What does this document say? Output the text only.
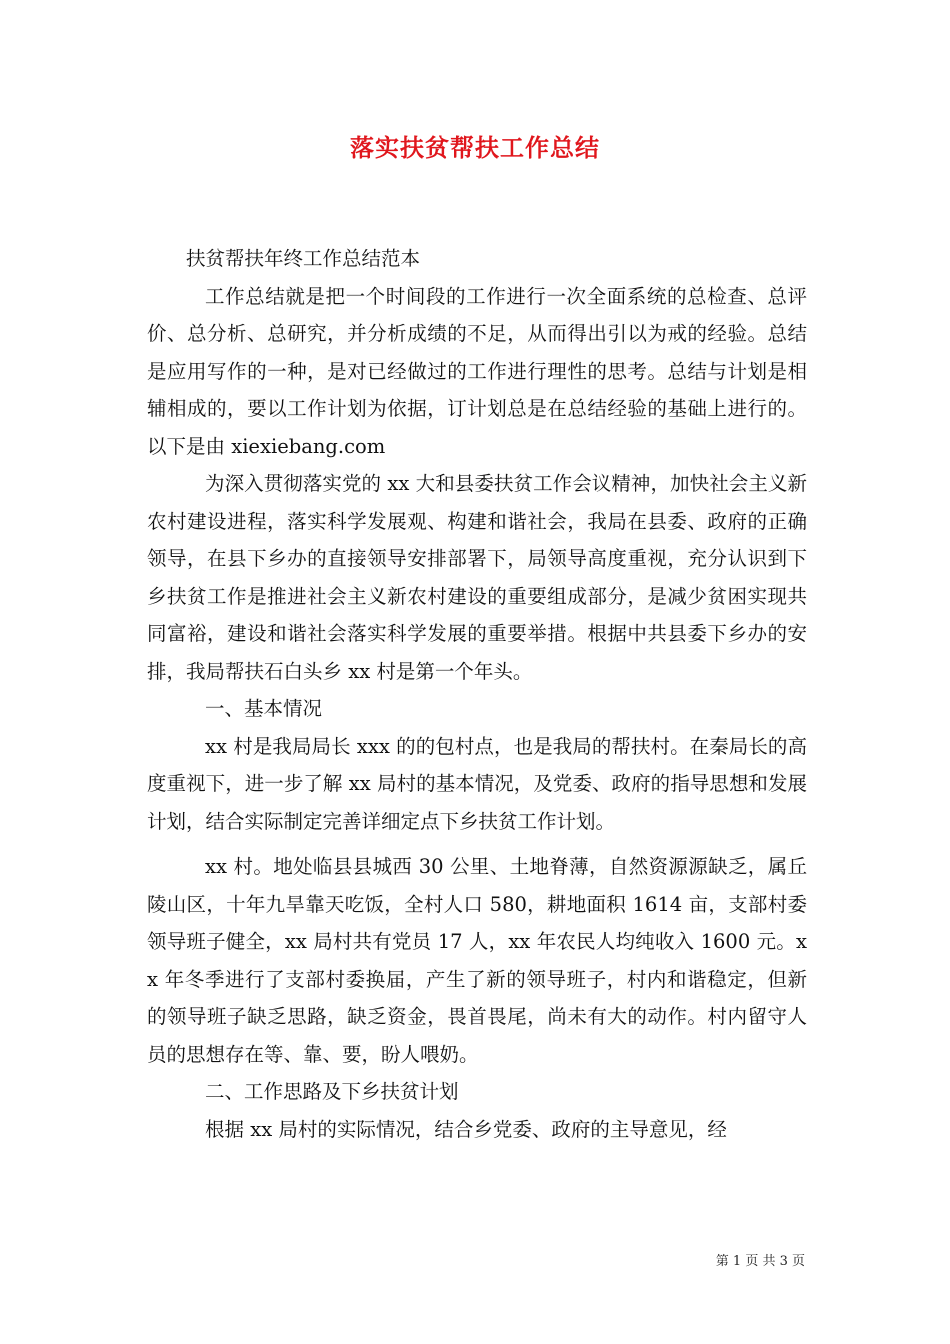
落实扶贫帮扶工作总结

扶贫帮扶年终工作总结范本

工作总结就是把一个时间段的工作进行一次全面系统的总检查、总评价、总分析、总研究，并分析成绩的不足，从而得出引以为戒的经验。总结是应用写作的一种，是对已经做过的工作进行理性的思考。总结与计划是相辅相成的，要以工作计划为依据，订计划总是在总结经验的基础上进行的。以下是由 xiexiebang.com

为深入贯彻落实党的 xx 大和县委扶贫工作会议精神，加快社会主义新农村建设进程，落实科学发展观、构建和谐社会，我局在县委、政府的正确领导，在县下乡办的直接领导安排部署下，局领导高度重视，充分认识到下乡扶贫工作是推进社会主义新农村建设的重要组成部分，是减少贫困实现共同富裕，建设和谐社会落实科学发展的重要举措。根据中共县委下乡办的安排，我局帮扶石白头乡 xx 村是第一个年头。

一、基本情况

xx 村是我局局长 xxx 的的包村点，也是我局的帮扶村。在秦局长的高度重视下，进一步了解 xx 局村的基本情况，及党委、政府的指导思想和发展计划，结合实际制定完善详细定点下乡扶贫工作计划。

xx 村。地处临县县城西 30 公里、土地脊薄，自然资源源缺乏，属丘陵山区，十年九旱靠天吃饭，全村人口 580，耕地面积 1614 亩，支部村委领导班子健全，xx 局村共有党员 17 人，xx 年农民人均纯收入 1600 元。xx 年冬季进行了支部村委换届，产生了新的领导班子，村内和谐稳定，但新的领导班子缺乏思路，缺乏资金，畏首畏尾，尚未有大的动作。村内留守人员的思想存在等、靠、要，盼人喂奶。

二、工作思路及下乡扶贫计划

根据 xx 局村的实际情况，结合乡党委、政府的主导意见，经

第 1 页 共 3 页
